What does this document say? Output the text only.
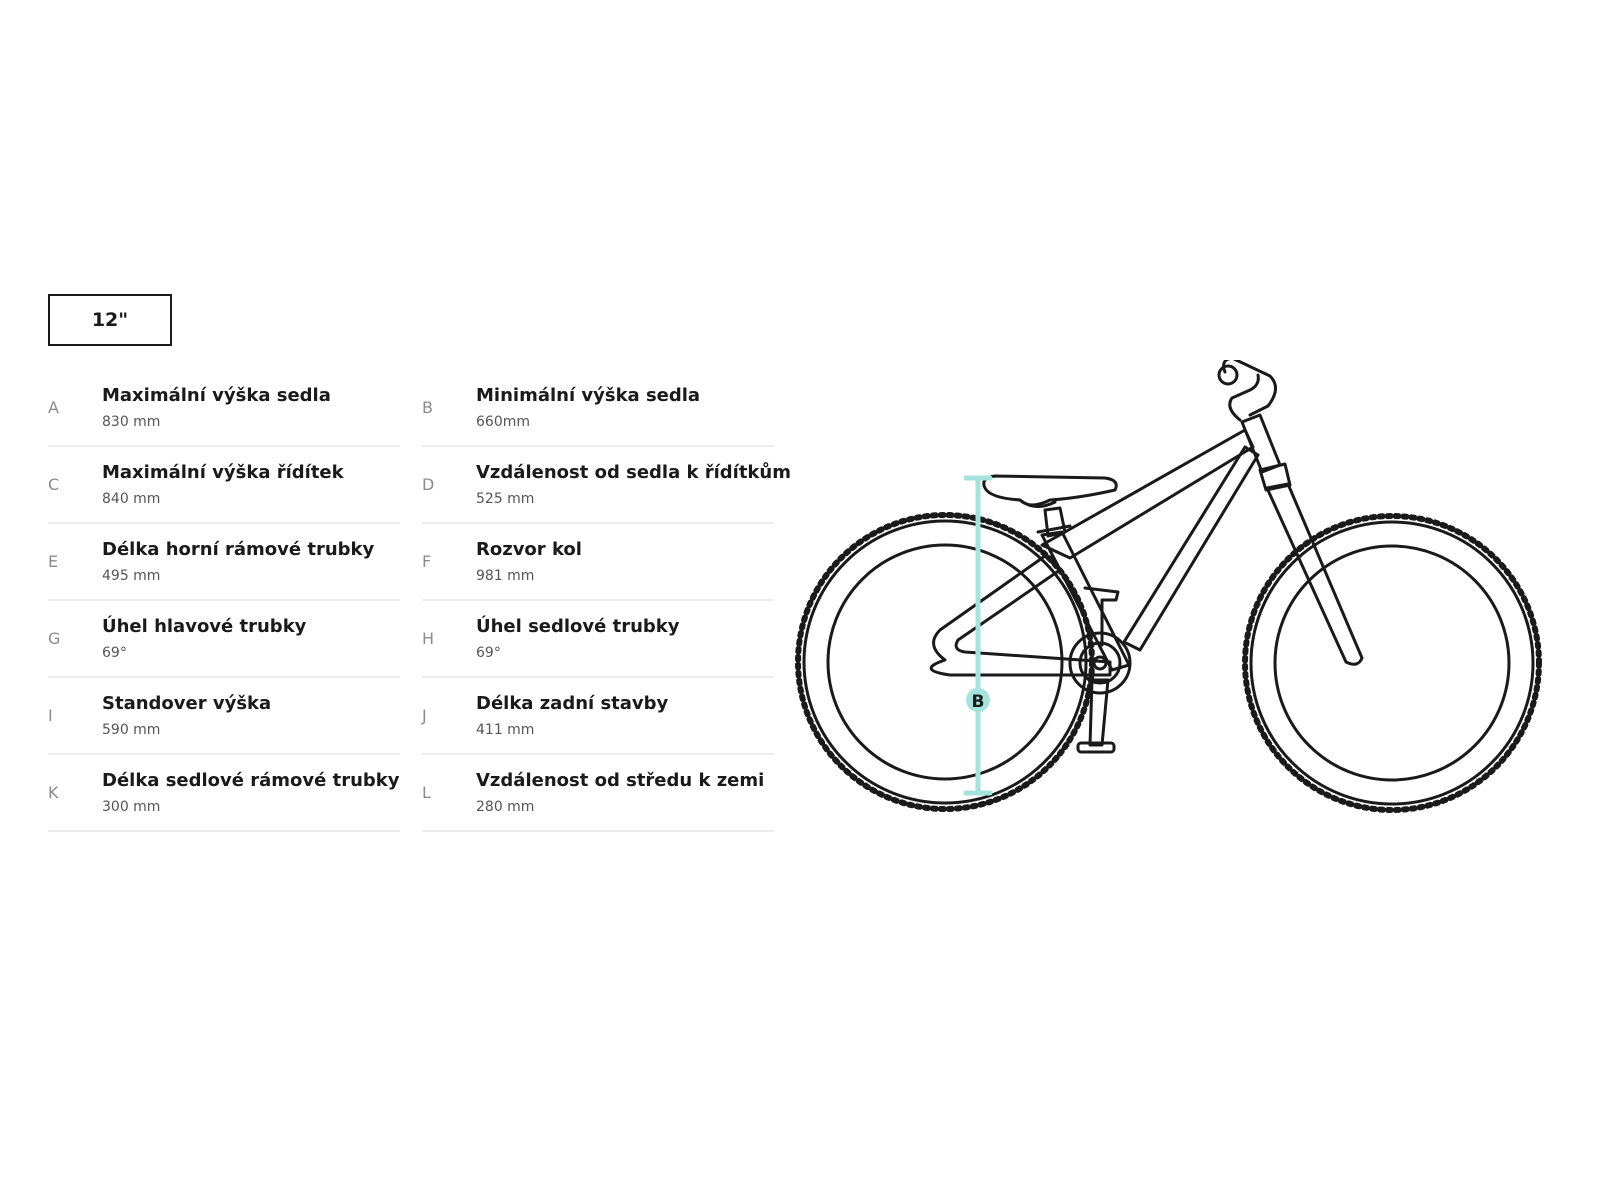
12"
A
Maximální výška sedla
830 mm
B
Minimální výška sedla
660mm
C
Maximální výška řídítek
840 mm
D
Vzdálenost od sedla k řídítkům
525 mm
E
Délka horní rámové trubky
495 mm
F
Rozvor kol
981 mm
G
Úhel hlavové trubky
69°
H
Úhel sedlové trubky
69°
I
Standover výška
590 mm
J
Délka zadní stavby
411 mm
K
Délka sedlové rámové trubky
300 mm
L
Vzdálenost od středu k zemi
280 mm
B
